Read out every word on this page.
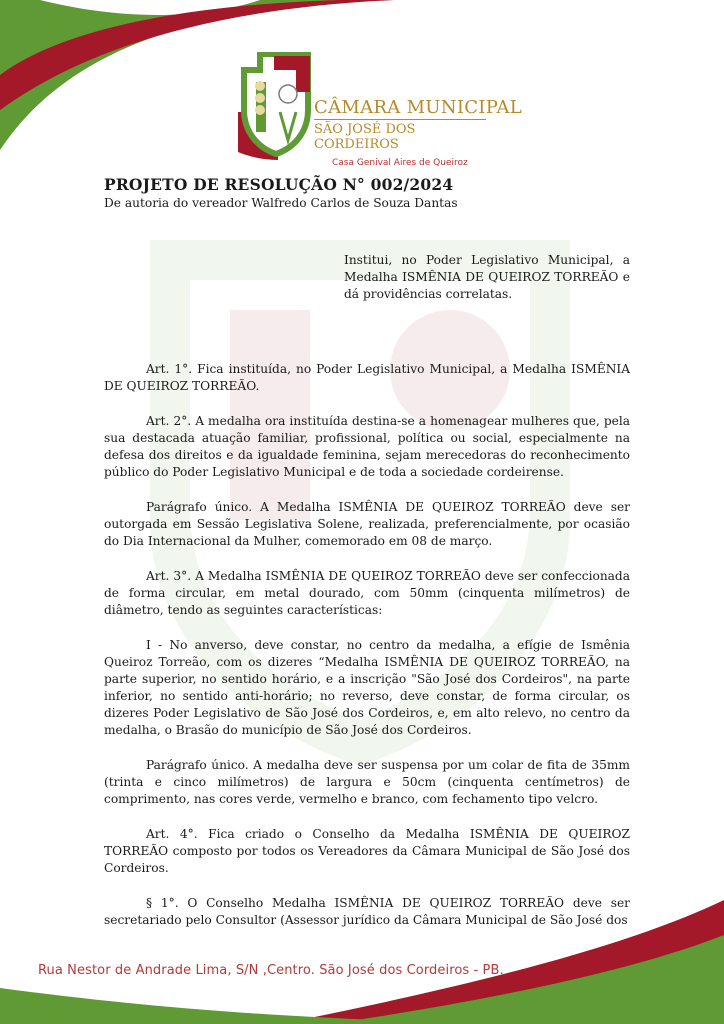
CÂMARA MUNICIPAL
SÃO JOSÉ DOS CORDEIROS
Casa Genival Aires de Queiroz
PROJETO DE RESOLUÇÃO N° 002/2024

De autoria do vereador Walfredo Carlos de Souza Dantas

Institui, no Poder Legislativo Municipal, a Medalha ISMÊNIA DE QUEIROZ TORREÃO e dá providências correlatas.

Art. 1°. Fica instituída, no Poder Legislativo Municipal, a Medalha ISMÊNIA DE QUEIROZ TORREÃO.

Art. 2°. A medalha ora instituída destina-se a homenagear mulheres que, pela sua destacada atuação familiar, profissional, política ou social, especialmente na defesa dos direitos e da igualdade feminina, sejam merecedoras do reconhecimento público do Poder Legislativo Municipal e de toda a sociedade cordeirense.

Parágrafo único. A Medalha ISMÊNIA DE QUEIROZ TORREÃO deve ser outorgada em Sessão Legislativa Solene, realizada, preferencialmente, por ocasião do Dia Internacional da Mulher, comemorado em 08 de março.

Art. 3°. A Medalha ISMÊNIA DE QUEIROZ TORREÃO deve ser confeccionada de forma circular, em metal dourado, com 50mm (cinquenta milímetros) de diâmetro, tendo as seguintes características:

I - No anverso, deve constar, no centro da medalha, a efígie de Ismênia Queiroz Torreão, com os dizeres “Medalha ISMÊNIA DE QUEIROZ TORREÃO, na parte superior, no sentido horário, e a inscrição "São José dos Cordeiros", na parte inferior, no sentido anti-horário; no reverso, deve constar, de forma circular, os dizeres Poder Legislativo de São José dos Cordeiros, e, em alto relevo, no centro da medalha, o Brasão do município de São José dos Cordeiros.

Parágrafo único. A medalha deve ser suspensa por um colar de fita de 35mm (trinta e cinco milímetros) de largura e 50cm (cinquenta centímetros) de comprimento, nas cores verde, vermelho e branco, com fechamento tipo velcro.

Art. 4°. Fica criado o Conselho da Medalha ISMÊNIA DE QUEIROZ TORREÃO composto por todos os Vereadores da Câmara Municipal de São José dos Cordeiros.

§ 1°. O Conselho Medalha ISMÊNIA DE QUEIROZ TORREÃO deve ser secretariado pelo Consultor (Assessor jurídico da Câmara Municipal de São José dos

Rua Nestor de Andrade Lima, S/N ,Centro. São José dos Cordeiros - PB.
